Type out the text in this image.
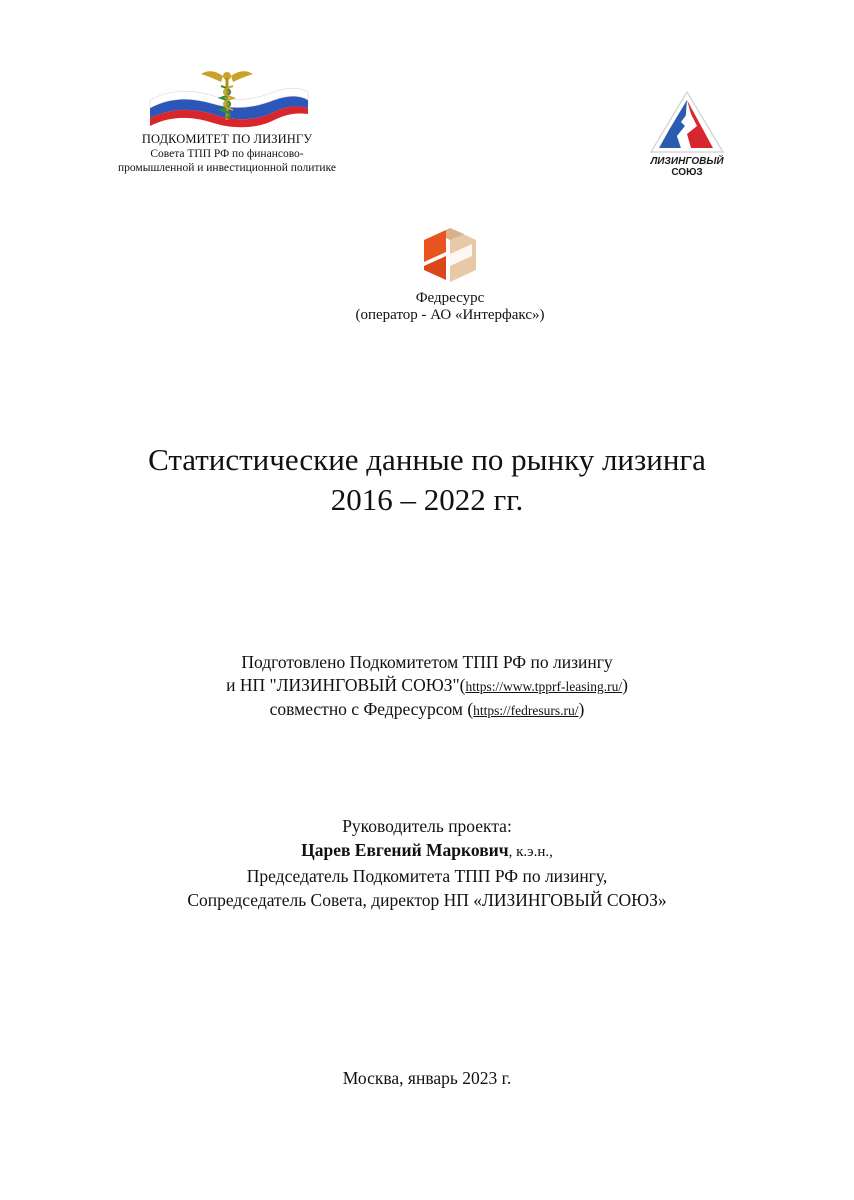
ПОДКОМИТЕТ ПО ЛИЗИНГУ
Совета ТПП РФ по финансово-
промышленной и инвестиционной политике
ЛИЗИНГОВЫЙ
СОЮЗ
Федресурс
(оператор - АО «Интерфакс»)
Статистические данные по рынку лизинга
2016 – 2022 гг.
Подготовлено Подкомитетом ТПП РФ по лизингу
и НП "ЛИЗИНГОВЫЙ СОЮЗ"(https://www.tpprf-leasing.ru/)
совместно с Федресурсом (https://fedresurs.ru/)
Руководитель проекта:
Царев Евгений Маркович, к.э.н.,
Председатель Подкомитета ТПП РФ по лизингу,
Сопредседатель Совета, директор НП «ЛИЗИНГОВЫЙ СОЮЗ»
Москва, январь 2023 г.
